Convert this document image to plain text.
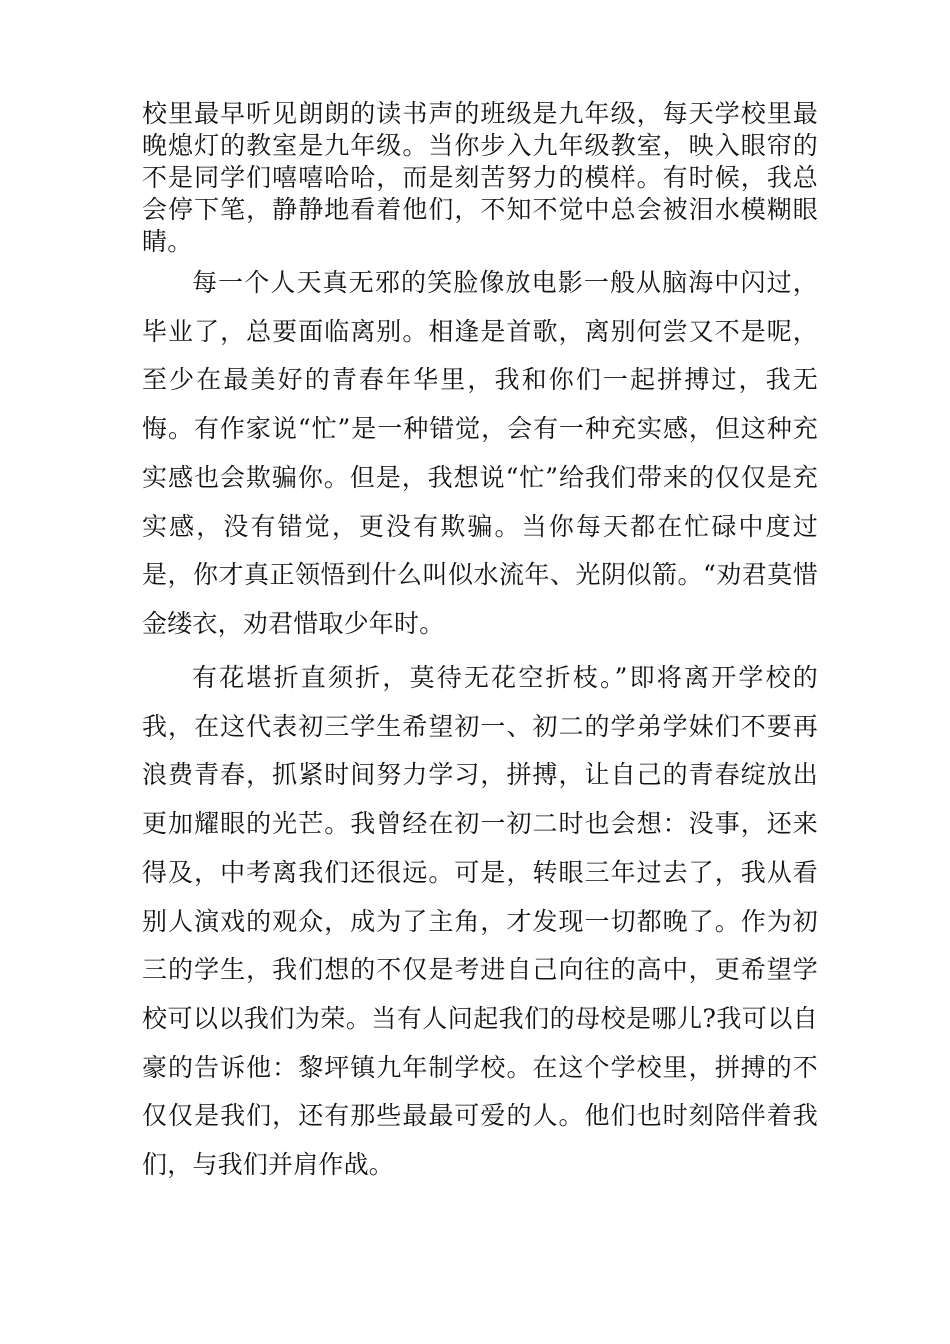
校里最早听见朗朗的读书声的班级是九年级，每天学校里最晚熄灯的教室是九年级。当你步入九年级教室，映入眼帘的不是同学们嘻嘻哈哈，而是刻苦努力的模样。有时候，我总会停下笔，静静地看着他们，不知不觉中总会被泪水模糊眼睛。

每一个人天真无邪的笑脸像放电影一般从脑海中闪过，毕业了，总要面临离别。相逢是首歌，离别何尝又不是呢，至少在最美好的青春年华里，我和你们一起拼搏过，我无悔。有作家说“忙”是一种错觉，会有一种充实感，但这种充实感也会欺骗你。但是，我想说“忙”给我们带来的仅仅是充实感，没有错觉，更没有欺骗。当你每天都在忙碌中度过是，你才真正领悟到什么叫似水流年、光阴似箭。“劝君莫惜金缕衣，劝君惜取少年时。

有花堪折直须折，莫待无花空折枝。”即将离开学校的我，在这代表初三学生希望初一、初二的学弟学妹们不要再浪费青春，抓紧时间努力学习，拼搏，让自己的青春绽放出更加耀眼的光芒。我曾经在初一初二时也会想：没事，还来得及，中考离我们还很远。可是，转眼三年过去了，我从看别人演戏的观众，成为了主角，才发现一切都晚了。作为初三的学生，我们想的不仅是考进自己向往的高中，更希望学校可以以我们为荣。当有人问起我们的母校是哪儿?我可以自豪的告诉他：黎坪镇九年制学校。在这个学校里，拼搏的不仅仅是我们，还有那些最最可爱的人。他们也时刻陪伴着我们，与我们并肩作战。
